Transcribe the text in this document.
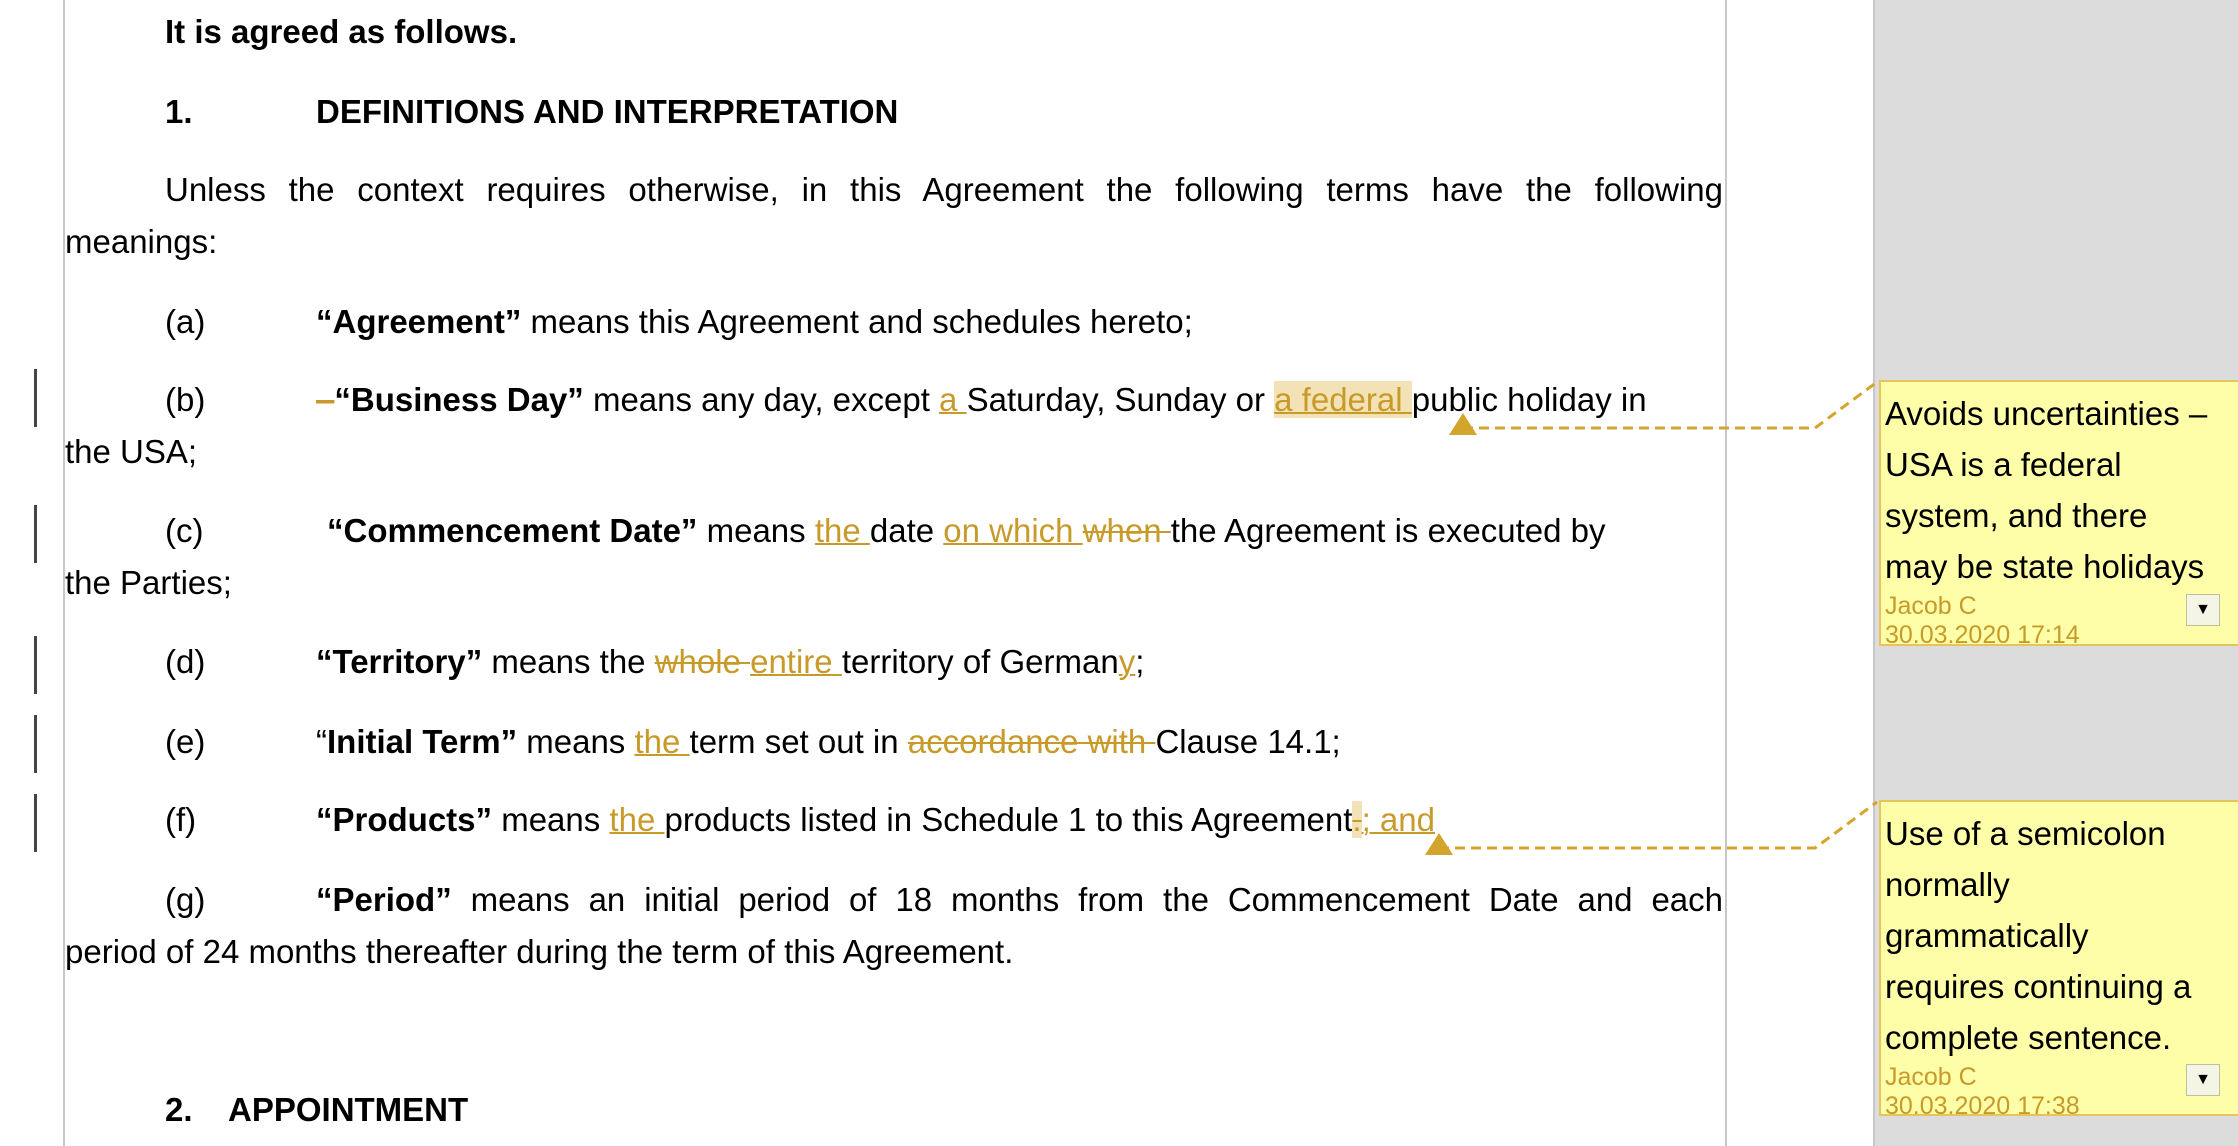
It is agreed as follows.
1.	DEFINITIONS AND INTERPRETATION
Unless the context requires otherwise, in this Agreement the following terms have the following
meanings:
(a)	“Agreement” means this Agreement and schedules hereto;
(b)	–“Business Day” means any day, except a Saturday, Sunday or a federal public holiday in
the USA;
(c)	“Commencement Date” means the date on which when the Agreement is executed by
the Parties;
(d)	“Territory” means the whole entire territory of Germany;
(e)	“Initial Term” means the term set out in accordance with Clause 14.1;
(f)	“Products” means the products listed in Schedule 1 to this Agreement.; and
(g)	“Period” means an initial period of 18 months from the Commencement Date and each
period of 24 months thereafter during the term of this Agreement.
2. APPOINTMENT
Avoids uncertainties –
USA is a federal
system, and there
may be state holidays
Jacob C
30.03.2020 17:14
▼
Use of a semicolon
normally
grammatically
requires continuing a
complete sentence.
Jacob C
30.03.2020 17:38
▼
